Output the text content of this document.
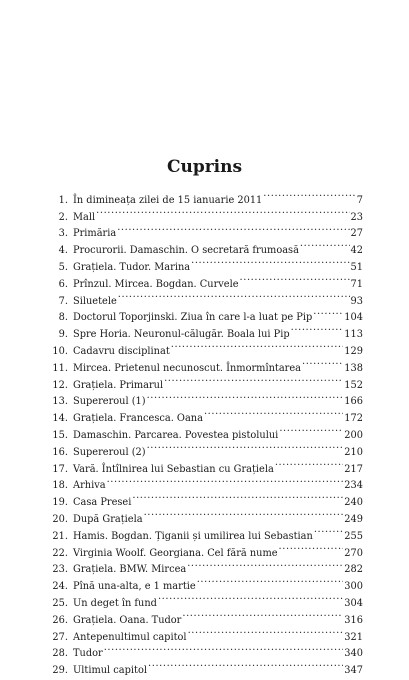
Cuprins
1. În dimineața zilei de 15 ianuarie 2011 .....	7
2. Mall .....	23
3. Primăria .....	27
4. Procurorii. Damaschin. O secretară frumoasă .....	42
5. Grațiela. Tudor. Marina .....	51
6. Prînzul. Mircea. Bogdan. Curvele .....	71
7. Siluetele .....	93
8. Doctorul Toporjinski. Ziua în care l-a luat pe Pip .....	104
9. Spre Horia. Neuronul-călugăr. Boala lui Pip .....	113
10. Cadavru disciplinat .....	129
11. Mircea. Prietenul necunoscut. Înmormîntarea .....	138
12. Grațiela. Primarul .....	152
13. Supereroul (1) .....	166
14. Grațiela. Francesca. Oana .....	172
15. Damaschin. Parcarea. Povestea pistolului .....	200
16. Supereroul (2) .....	210
17. Vară. Întîlnirea lui Sebastian cu Grațiela .....	217
18. Arhiva .....	234
19. Casa Presei .....	240
20. După Grațiela .....	249
21. Hamis. Bogdan. Țiganii și umilirea lui Sebastian .....	255
22. Virginia Woolf. Georgiana. Cel fără nume .....	270
23. Grațiela. BMW. Mircea .....	282
24. Pînă una-alta, e 1 martie .....	300
25. Un deget în fund .....	304
26. Grațiela. Oana. Tudor .....	316
27. Antepenultimul capitol .....	321
28. Tudor .....	340
29. Ultimul capitol .....	347
